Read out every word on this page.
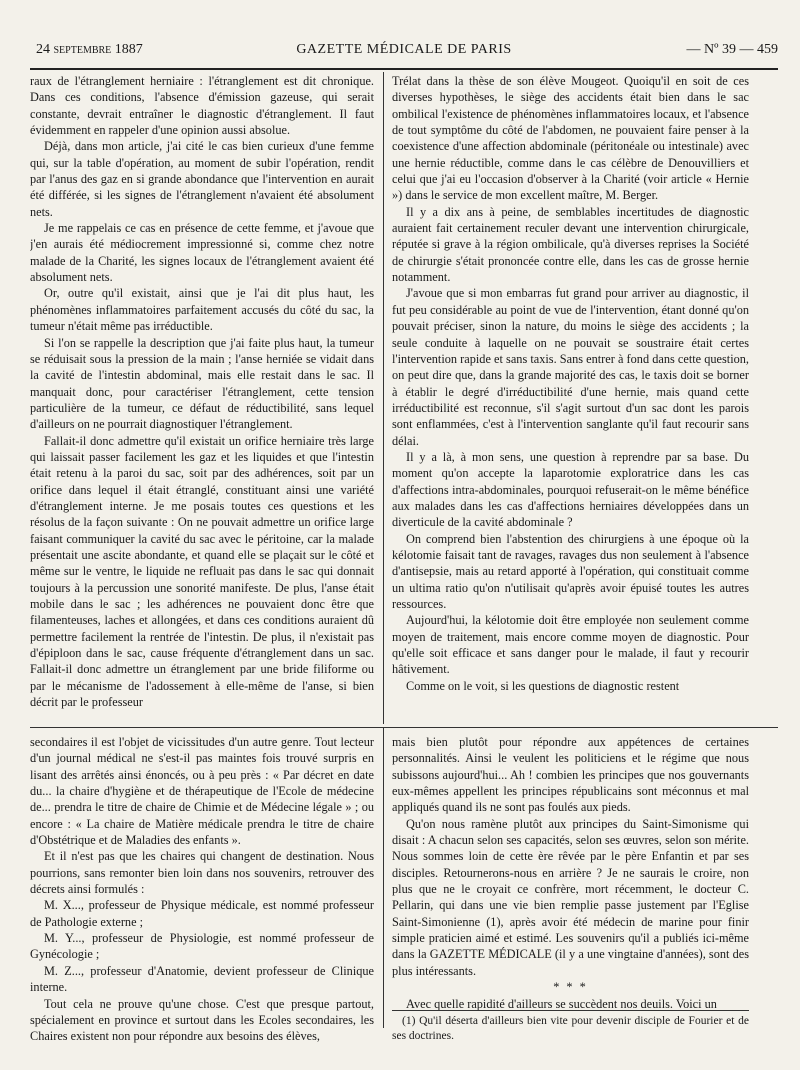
24 septembre 1887	GAZETTE MÉDICALE DE PARIS	— Nº 39 — 459

raux de l'étranglement herniaire : l'étranglement est dit chronique. Dans ces conditions, l'absence d'émission gazeuse, qui serait constante, devrait entraîner le diagnostic d'étranglement. Il faut évidemment en rappeler d'une opinion aussi absolue.

Déjà, dans mon article, j'ai cité le cas bien curieux d'une femme qui, sur la table d'opération, au moment de subir l'opération, rendit par l'anus des gaz en si grande abondance que l'intervention en aurait été différée, si les signes de l'étranglement n'avaient été absolument nets.

Je me rappelais ce cas en présence de cette femme, et j'avoue que j'en aurais été médiocrement impressionné si, comme chez notre malade de la Charité, les signes locaux de l'étranglement avaient été absolument nets.

Or, outre qu'il existait, ainsi que je l'ai dit plus haut, les phénomènes inflammatoires parfaitement accusés du côté du sac, la tumeur n'était même pas irréductible.

Si l'on se rappelle la description que j'ai faite plus haut, la tumeur se réduisait sous la pression de la main ; l'anse herniée se vidait dans la cavité de l'intestin abdominal, mais elle restait dans le sac. Il manquait donc, pour caractériser l'étranglement, cette tension particulière de la tumeur, ce défaut de réductibilité, sans lequel d'ailleurs on ne pourrait diagnostiquer l'étranglement.

Fallait-il donc admettre qu'il existait un orifice herniaire très large qui laissait passer facilement les gaz et les liquides et que l'intestin était retenu à la paroi du sac, soit par des adhérences, soit par un orifice dans lequel il était étranglé, constituant ainsi une variété d'étranglement interne. Je me posais toutes ces questions et les résolus de la façon suivante : On ne pouvait admettre un orifice large faisant communiquer la cavité du sac avec le péritoine, car la malade présentait une ascite abondante, et quand elle se plaçait sur le côté et même sur le ventre, le liquide ne refluait pas dans le sac qui donnait toujours à la percussion une sonorité manifeste. De plus, l'anse était mobile dans le sac ; les adhérences ne pouvaient donc être que filamenteuses, laches et allongées, et dans ces conditions auraient dû permettre facilement la rentrée de l'intestin. De plus, il n'existait pas d'épiploon dans le sac, cause fréquente d'étranglement dans un sac. Fallait-il donc admettre un étranglement par une bride filiforme ou par le mécanisme de l'adossement à elle-même de l'anse, si bien décrit par le professeur

Trélat dans la thèse de son élève Mougeot. Quoiqu'il en soit de ces diverses hypothèses, le siège des accidents était bien dans le sac ombilical l'existence de phénomènes inflammatoires locaux, et l'absence de tout symptôme du côté de l'abdomen, ne pouvaient faire penser à la coexistence d'une affection abdominale (péritonéale ou intestinale) avec une hernie réductible, comme dans le cas célèbre de Denouvilliers et celui que j'ai eu l'occasion d'observer à la Charité (voir article « Hernie ») dans le service de mon excellent maître, M. Berger.

Il y a dix ans à peine, de semblables incertitudes de diagnostic auraient fait certainement reculer devant une intervention chirurgicale, réputée si grave à la région ombilicale, qu'à diverses reprises la Société de chirurgie s'était prononcée contre elle, dans les cas de grosse hernie notamment.

J'avoue que si mon embarras fut grand pour arriver au diagnostic, il fut peu considérable au point de vue de l'intervention, étant donné qu'on pouvait préciser, sinon la nature, du moins le siège des accidents ; la seule conduite à laquelle on ne pouvait se soustraire était certes l'intervention rapide et sans taxis. Sans entrer à fond dans cette question, on peut dire que, dans la grande majorité des cas, le taxis doit se borner à établir le degré d'irréductibilité d'une hernie, mais quand cette irréductibilité est reconnue, s'il s'agit surtout d'un sac dont les parois sont enflammées, c'est à l'intervention sanglante qu'il faut recourir sans délai.

Il y a là, à mon sens, une question à reprendre par sa base. Du moment qu'on accepte la laparotomie exploratrice dans les cas d'affections intra-abdominales, pourquoi refuserait-on le même bénéfice aux malades dans les cas d'affections herniaires développées dans un diverticule de la cavité abdominale ?

On comprend bien l'abstention des chirurgiens à une époque où la kélotomie faisait tant de ravages, ravages dus non seulement à l'absence d'antisepsie, mais au retard apporté à l'opération, qui constituait comme un ultima ratio qu'on n'utilisait qu'après avoir épuisé toutes les autres ressources.

Aujourd'hui, la kélotomie doit être employée non seulement comme moyen de traitement, mais encore comme moyen de diagnostic. Pour qu'elle soit efficace et sans danger pour le malade, il faut y recourir hâtivement.

Comme on le voit, si les questions de diagnostic restent

secondaires il est l'objet de vicissitudes d'un autre genre. Tout lecteur d'un journal médical ne s'est-il pas maintes fois trouvé surpris en lisant des arrêtés ainsi énoncés, ou à peu près : « Par décret en date du... la chaire d'hygiène et de thérapeutique de l'Ecole de médecine de... prendra le titre de chaire de Chimie et de Médecine légale » ; ou encore : « La chaire de Matière médicale prendra le titre de chaire d'Obstétrique et de Maladies des enfants ».

Et il n'est pas que les chaires qui changent de destination. Nous pourrions, sans remonter bien loin dans nos souvenirs, retrouver des décrets ainsi formulés :

M. X..., professeur de Physique médicale, est nommé professeur de Pathologie externe ;

M. Y..., professeur de Physiologie, est nommé professeur de Gynécologie ;

M. Z..., professeur d'Anatomie, devient professeur de Clinique interne.

Tout cela ne prouve qu'une chose. C'est que presque partout, spécialement en province et surtout dans les Ecoles secondaires, les Chaires existent non pour répondre aux besoins des élèves,

mais bien plutôt pour répondre aux appétences de certaines personnalités. Ainsi le veulent les politiciens et le régime que nous subissons aujourd'hui... Ah ! combien les principes que nos gouvernants eux-mêmes appellent les principes républicains sont méconnus et mal appliqués quand ils ne sont pas foulés aux pieds.

Qu'on nous ramène plutôt aux principes du Saint-Simonisme qui disait : A chacun selon ses capacités, selon ses œuvres, selon son mérite. Nous sommes loin de cette ère rêvée par le père Enfantin et par ses disciples. Retournerons-nous en arrière ? Je ne saurais le croire, non plus que ne le croyait ce confrère, mort récemment, le docteur C. Pellarin, qui dans une vie bien remplie passe justement par l'Eglise Saint-Simonienne (1), après avoir été médecin de marine pour finir simple praticien aimé et estimé. Les souvenirs qu'il a publiés ici-même dans la GAZETTE MÉDICALE (il y a une vingtaine d'années), sont des plus intéressants.

* * *

Avec quelle rapidité d'ailleurs se succèdent nos deuils. Voici un

(1) Qu'il déserta d'ailleurs bien vite pour devenir disciple de Fourier et de ses doctrines.
